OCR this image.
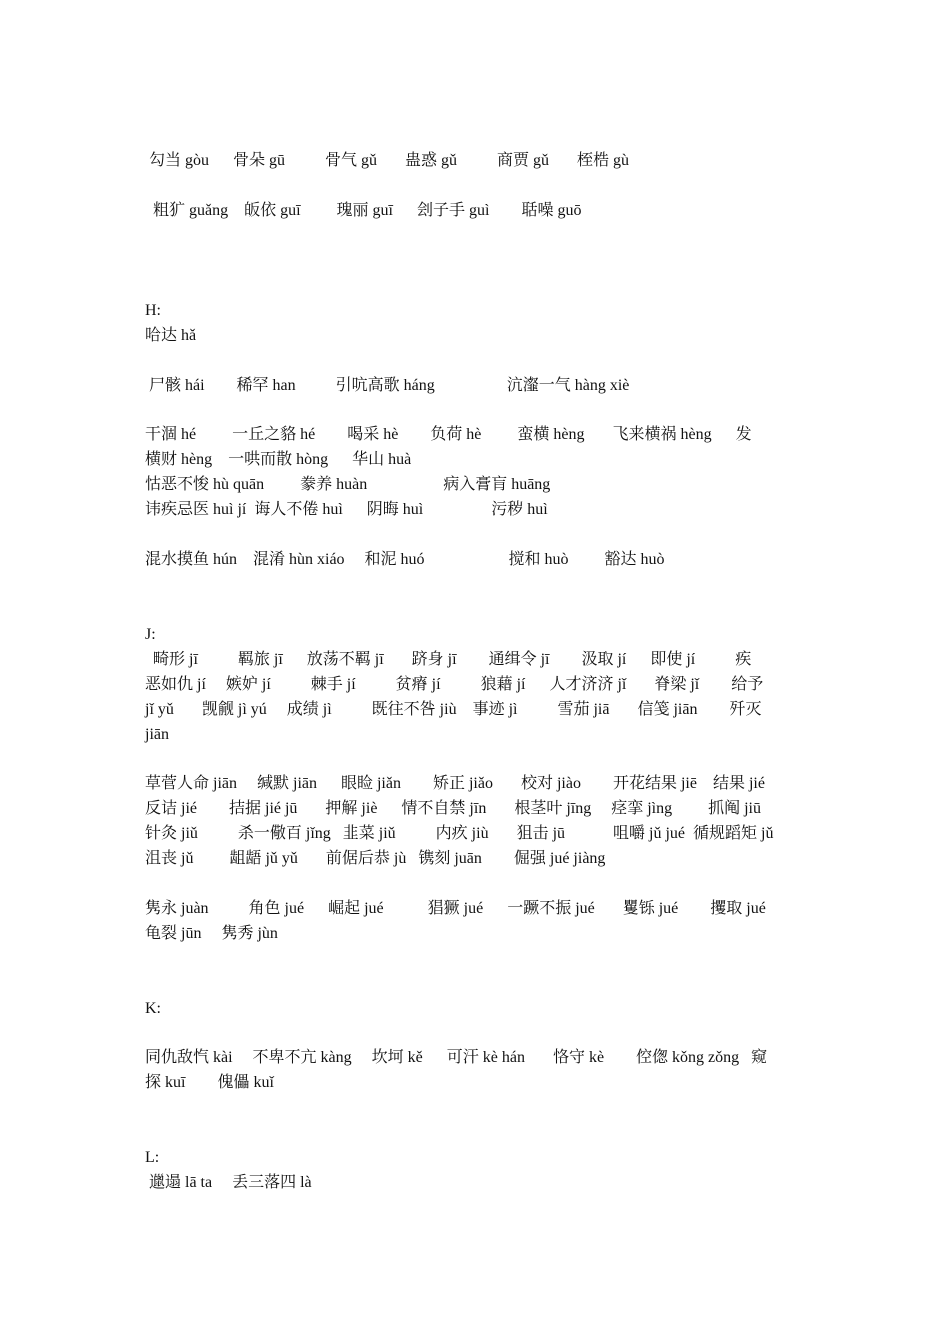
勾当 gòu      骨朵 gū          骨气 gǔ       蛊惑 gǔ          商贾 gǔ       桎梏 gù
粗犷 guǎng    皈依 guī         瑰丽 guī      刽子手 guì        聒噪 guō
H:
哈达 hǎ
尸骸 hái        稀罕 han          引吭高歌 háng                  沆瀣一气 hàng xiè
干涸 hé         一丘之貉 hé        喝采 hè        负荷 hè         蛮横 hèng       飞来横祸 hèng      发
横财 hèng    一哄而散 hòng      华山 huà
怙恶不悛 hù quān         豢养 huàn                   病入膏肓 huāng
讳疾忌医 huì jí  诲人不倦 huì      阴晦 huì                 污秽 huì
混水摸鱼 hún    混淆 hùn xiáo     和泥 huó                     搅和 huò         豁达 huò
J:
畸形 jī          羁旅 jī      放荡不羁 jī       跻身 jī        通缉令 jī        汲取 jí      即使 jí          疾
恶如仇 jí     嫉妒 jí          棘手 jí          贫瘠 jí          狼藉 jí      人才济济 jǐ       脊梁 jǐ        给予
jǐ yǔ       觊觎 jì yú     成绩 jì          既往不咎 jiù    事迹 jì          雪茄 jiā       信笺 jiān        歼灭
jiān
草菅人命 jiān     缄默 jiān      眼睑 jiǎn        矫正 jiǎo       校对 jiào        开花结果 jiē    结果 jié
反诘 jié        拮据 jié jū       押解 jiè      情不自禁 jīn       根茎叶 jīng     痉挛 jìng         抓阄 jiū
针灸 jiǔ          杀一儆百 jǐng   韭菜 jiǔ          内疚 jiù       狙击 jū            咀嚼 jǔ jué  循规蹈矩 jǔ
沮丧 jǔ         龃龉 jǔ yǔ       前倨后恭 jù   镌刻 juān        倔强 jué jiàng
隽永 juàn          角色 jué      崛起 jué           猖獗 jué      一蹶不振 jué       矍铄 jué        攫取 jué
龟裂 jūn     隽秀 jùn
K:
同仇敌忾 kài     不卑不亢 kàng     坎坷 kě      可汗 kè hán       恪守 kè        倥偬 kǒng zǒng   窥
探 kuī        傀儡 kuǐ
L:
邋遢 lā ta     丢三落四 là
